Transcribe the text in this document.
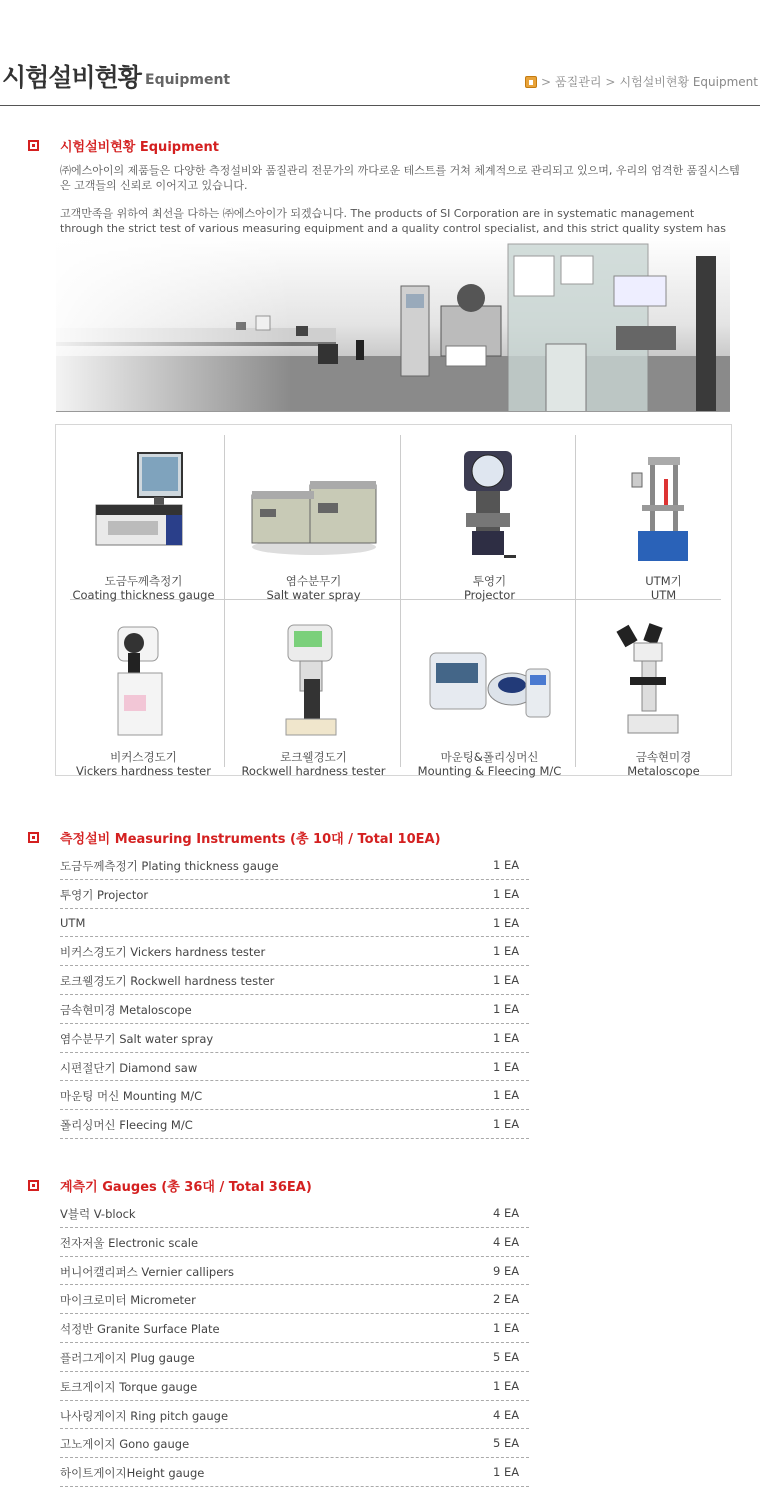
시험설비현황 Equipment	> 품질관리 > 시험설비현황 Equipment
시험설비현황 Equipment

㈜에스아이의 제품들은 다양한 측정설비와 품질관리 전문가의 까다로운 테스트를 거쳐 체계적으로 관리되고 있으며, 우리의 엄격한 품질시스템은 고객들의 신뢰로 이어지고 있습니다.

고객만족을 위하여 최선을 다하는 ㈜에스아이가 되겠습니다. The products of SI Corporation are in systematic management through the strict test of various measuring equipment and a quality control specialist, and this strict quality system has

도금두께측정기
Coating thickness gauge
염수분무기
Salt water spray
투영기
Projector
UTM기
UTM
비커스경도기
Vickers hardness tester
로크웰경도기
Rockwell hardness tester
마운팅&폴리싱머신
Mounting & Fleecing M/C
금속현미경
Metaloscope
측정설비 Measuring Instruments (총 10대 / Total 10EA)
도금두께측정기 Plating thickness gauge	1 EA
투영기 Projector	1 EA
UTM	1 EA
비커스경도기 Vickers hardness tester	1 EA
로크웰경도기 Rockwell hardness tester	1 EA
금속현미경 Metaloscope	1 EA
염수분무기 Salt water spray	1 EA
시편절단기 Diamond saw	1 EA
마운팅 머신 Mounting M/C	1 EA
폴리싱머신 Fleecing M/C	1 EA
계측기 Gauges (총 36대 / Total 36EA)
V블럭 V-block	4 EA
전자저울 Electronic scale	4 EA
버니어캘리퍼스 Vernier callipers	9 EA
마이크로미터 Micrometer	2 EA
석정반 Granite Surface Plate	1 EA
플러그게이지 Plug gauge	5 EA
토크게이지 Torque gauge	1 EA
나사링게이지 Ring pitch gauge	4 EA
고노게이지 Gono gauge	5 EA
하이트게이지Height gauge	1 EA
